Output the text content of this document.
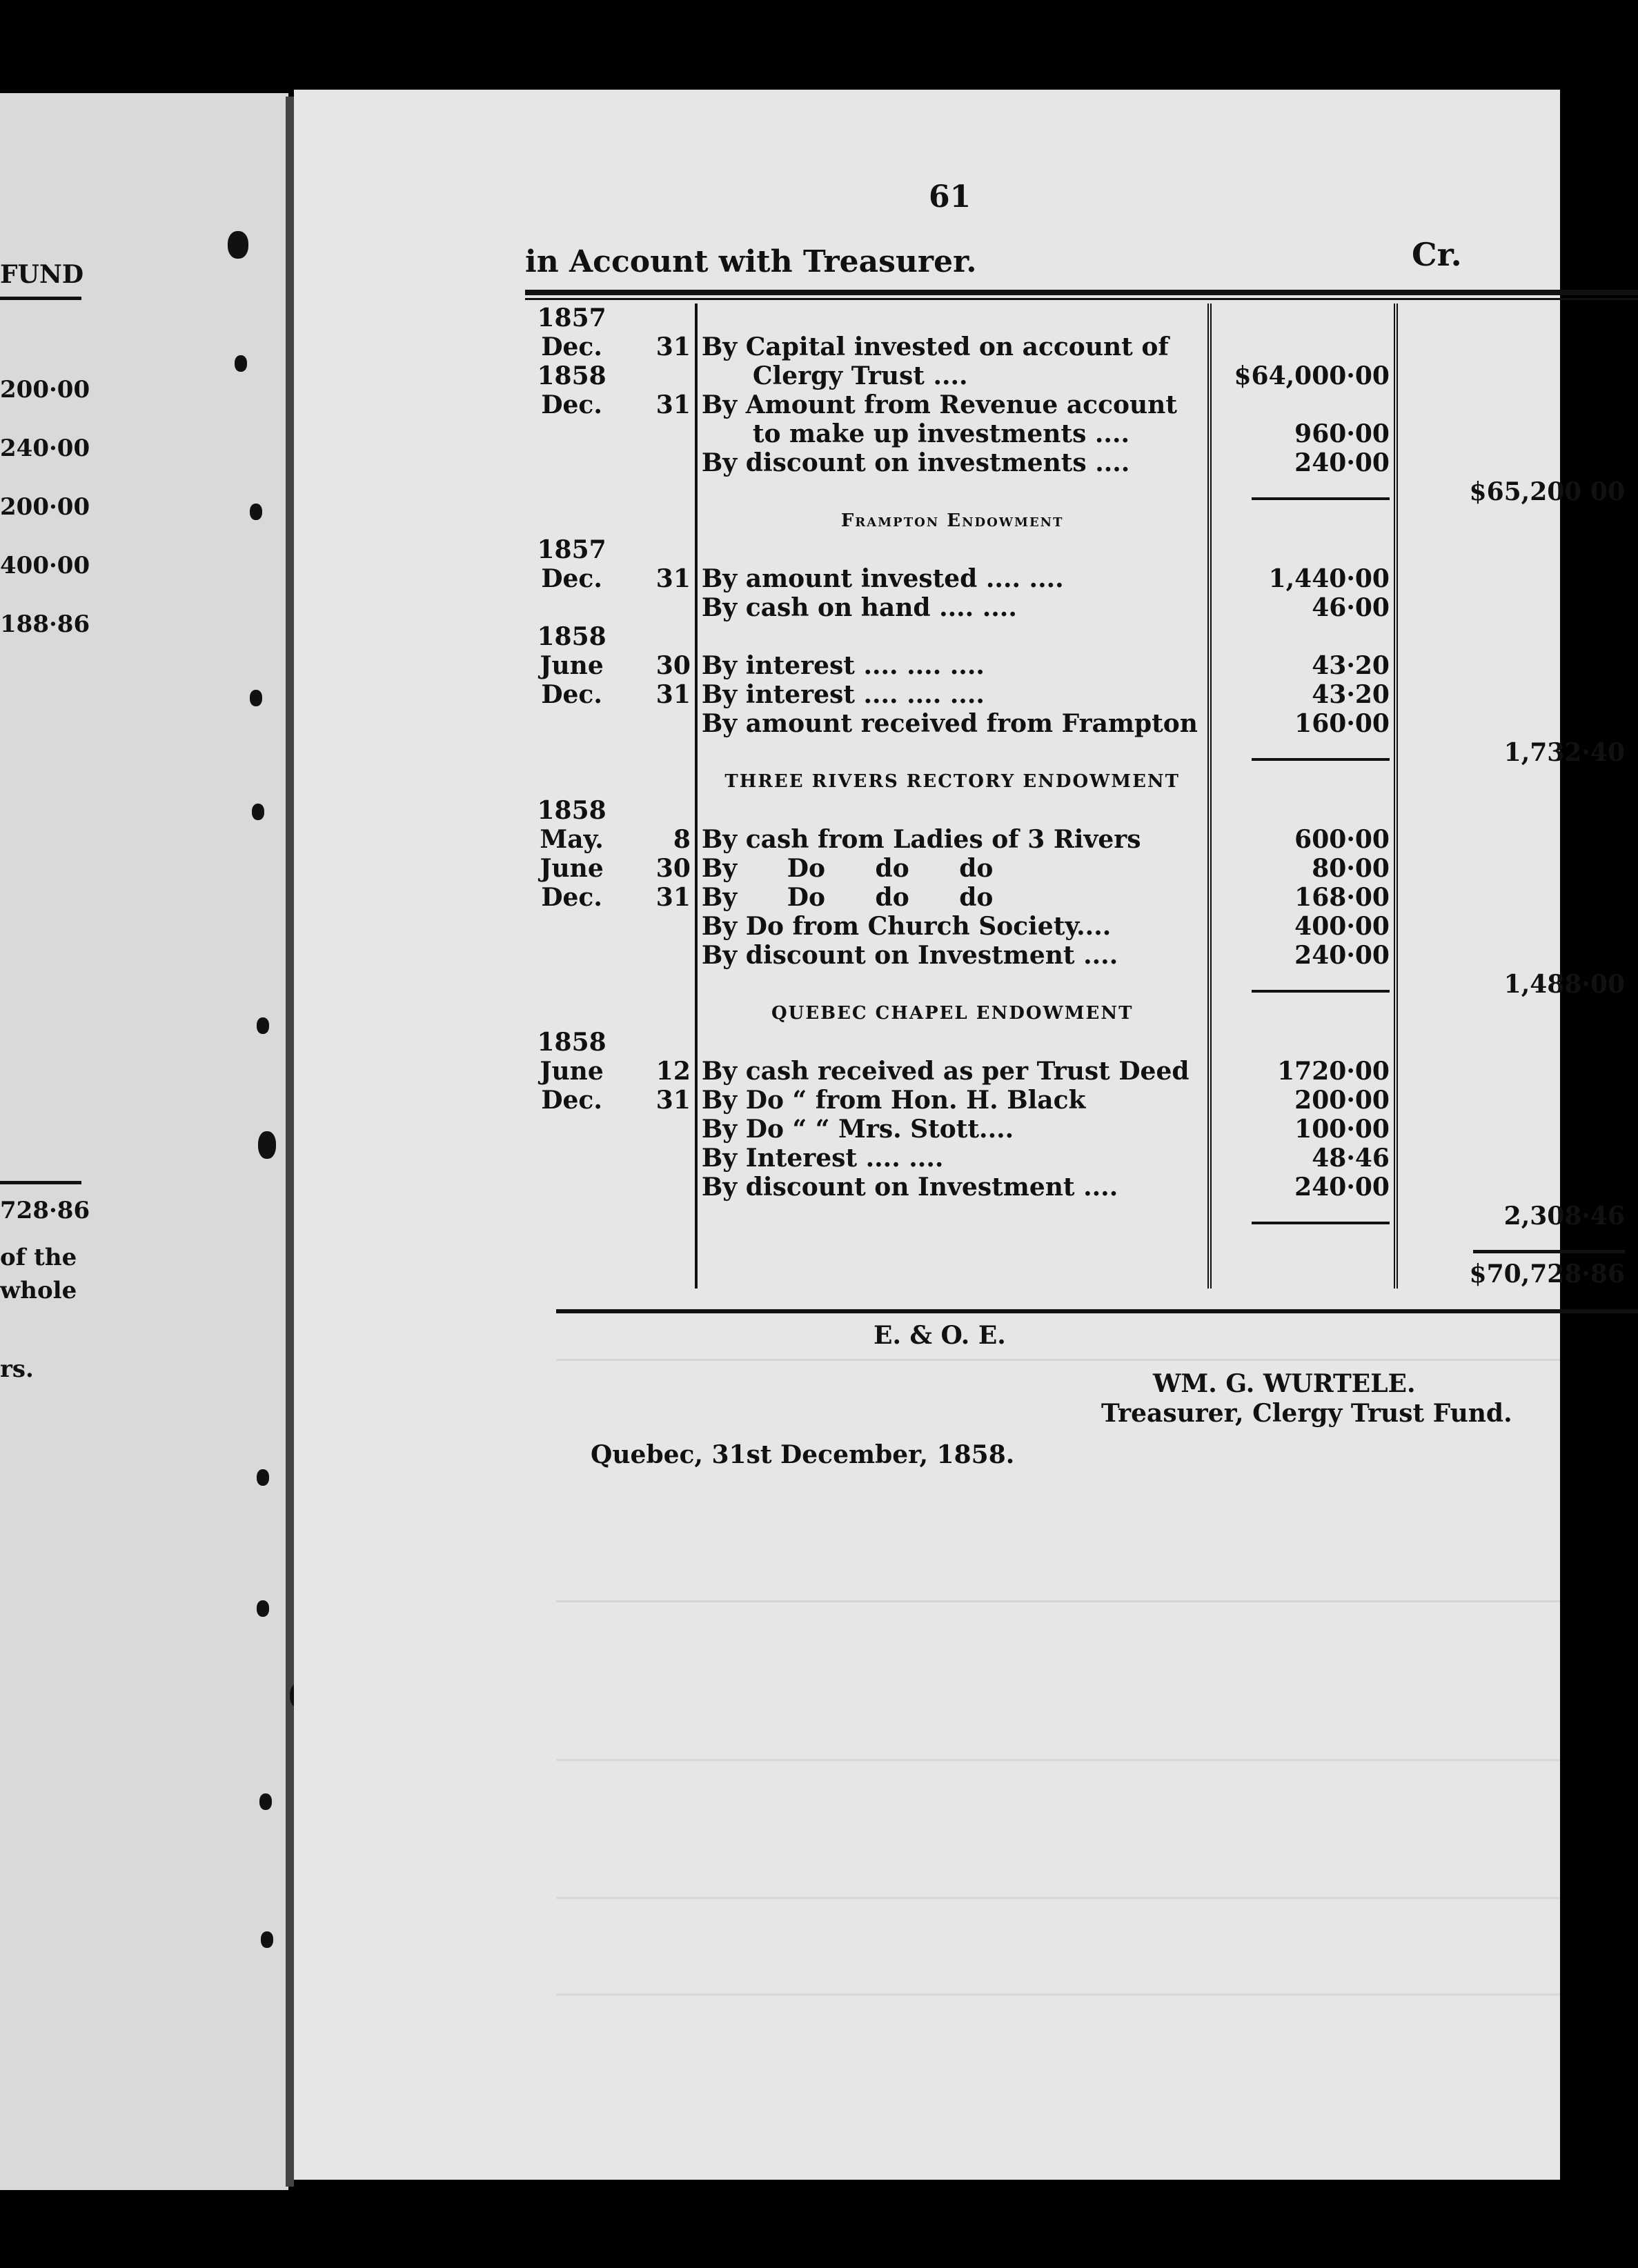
FUND
200·00
240·00
200·00
400·00
188·86
728·86
of the
whole
rs.
61
in Account with Treasurer.	Cr.
1857				
Dec.	31	By Capital invested on account of		
1858		Clergy Trust ....	$64,000·00	
Dec.	31	By Amount from Revenue account		
		to make up investments ....	960·00	
		By discount on investments ....	240·00	
				$65,200 00
		Frampton Endowment		
1857				
Dec.	31	By amount invested .... ....	1,440·00	
		By cash on hand .... ....	46·00	
1858				
June	30	By interest .... .... ....	43·20	
Dec.	31	By interest .... .... ....	43·20	
		By amount received from Frampton	160·00	
				1,732·40
		THREE RIVERS RECTORY ENDOWMENT		
1858				
May.	8	By cash from Ladies of 3 Rivers	600·00	
June	30	By Do do do	80·00	
Dec.	31	By Do do do	168·00	
		By Do from Church Society....	400·00	
		By discount on Investment ....	240·00	
				1,488·00
		QUEBEC CHAPEL ENDOWMENT		
1858				
June	12	By cash received as per Trust Deed	1720·00	
Dec.	31	By Do “ from Hon. H. Black	200·00	
		By Do “ “ Mrs. Stott....	100·00	
		By Interest .... ....	48·46	
		By discount on Investment ....	240·00	
				2,308·46

$70,728·86
E. & O. E.
WM. G. WURTELE.
Treasurer, Clergy Trust Fund.
Quebec, 31st December, 1858.
